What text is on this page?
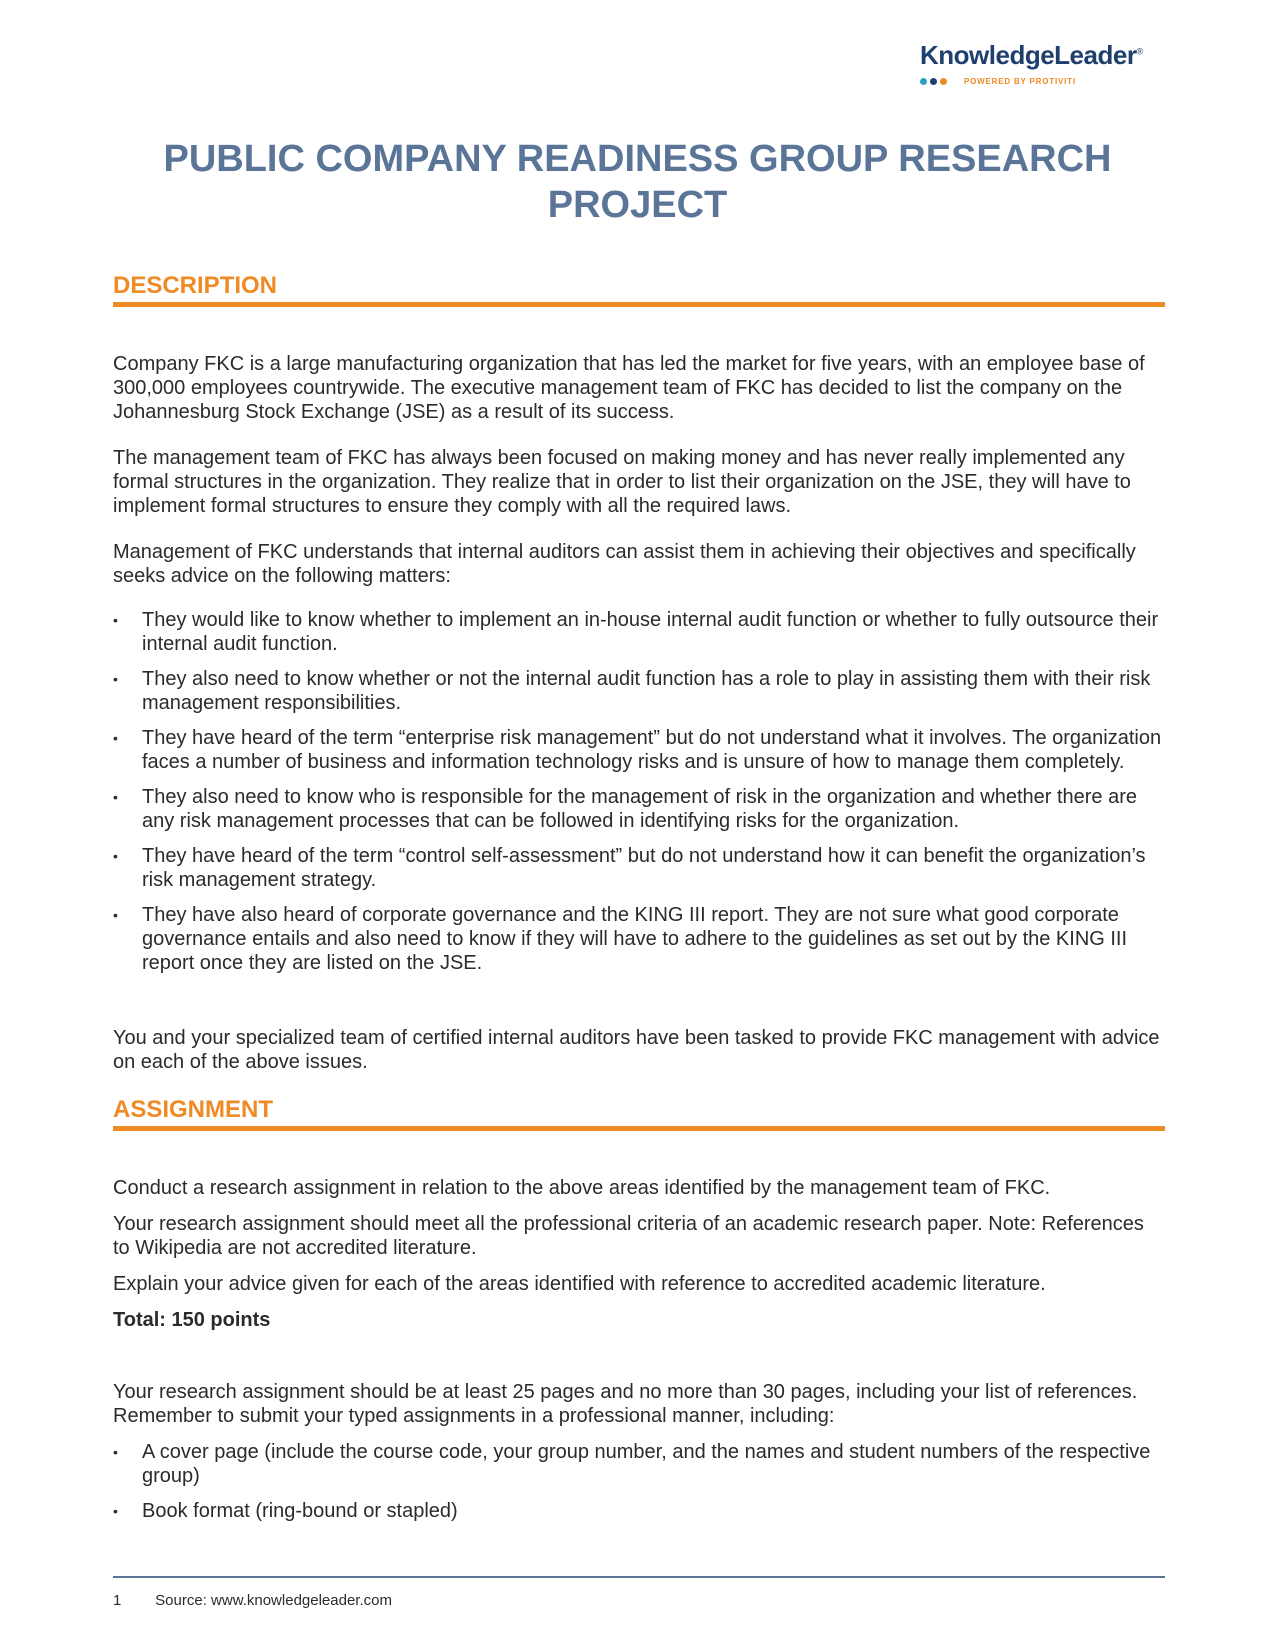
KnowledgeLeader®
POWERED BY PROTIVITI
PUBLIC COMPANY READINESS GROUP RESEARCH PROJECT
DESCRIPTION

Company FKC is a large manufacturing organization that has led the market for five years, with an employee base of 300,000 employees countrywide. The executive management team of FKC has decided to list the company on the Johannesburg Stock Exchange (JSE) as a result of its success.

The management team of FKC has always been focused on making money and has never really implemented any formal structures in the organization. They realize that in order to list their organization on the JSE, they will have to implement formal structures to ensure they comply with all the required laws.

Management of FKC understands that internal auditors can assist them in achieving their objectives and specifically seeks advice on the following matters:

• They would like to know whether to implement an in-house internal audit function or whether to fully outsource their internal audit function.
• They also need to know whether or not the internal audit function has a role to play in assisting them with their risk management responsibilities.
• They have heard of the term “enterprise risk management” but do not understand what it involves. The organization faces a number of business and information technology risks and is unsure of how to manage them completely.
• They also need to know who is responsible for the management of risk in the organization and whether there are any risk management processes that can be followed in identifying risks for the organization.
• They have heard of the term “control self-assessment” but do not understand how it can benefit the organization’s risk management strategy.
• They have also heard of corporate governance and the KING III report. They are not sure what good corporate governance entails and also need to know if they will have to adhere to the guidelines as set out by the KING III report once they are listed on the JSE.

You and your specialized team of certified internal auditors have been tasked to provide FKC management with advice on each of the above issues.

ASSIGNMENT

Conduct a research assignment in relation to the above areas identified by the management team of FKC.

Your research assignment should meet all the professional criteria of an academic research paper. Note: References to Wikipedia are not accredited literature.

Explain your advice given for each of the areas identified with reference to accredited academic literature.

Total: 150 points

Your research assignment should be at least 25 pages and no more than 30 pages, including your list of references. Remember to submit your typed assignments in a professional manner, including:

• A cover page (include the course code, your group number, and the names and student numbers of the respective group)
• Book format (ring-bound or stapled)
1 Source: www.knowledgeleader.com
